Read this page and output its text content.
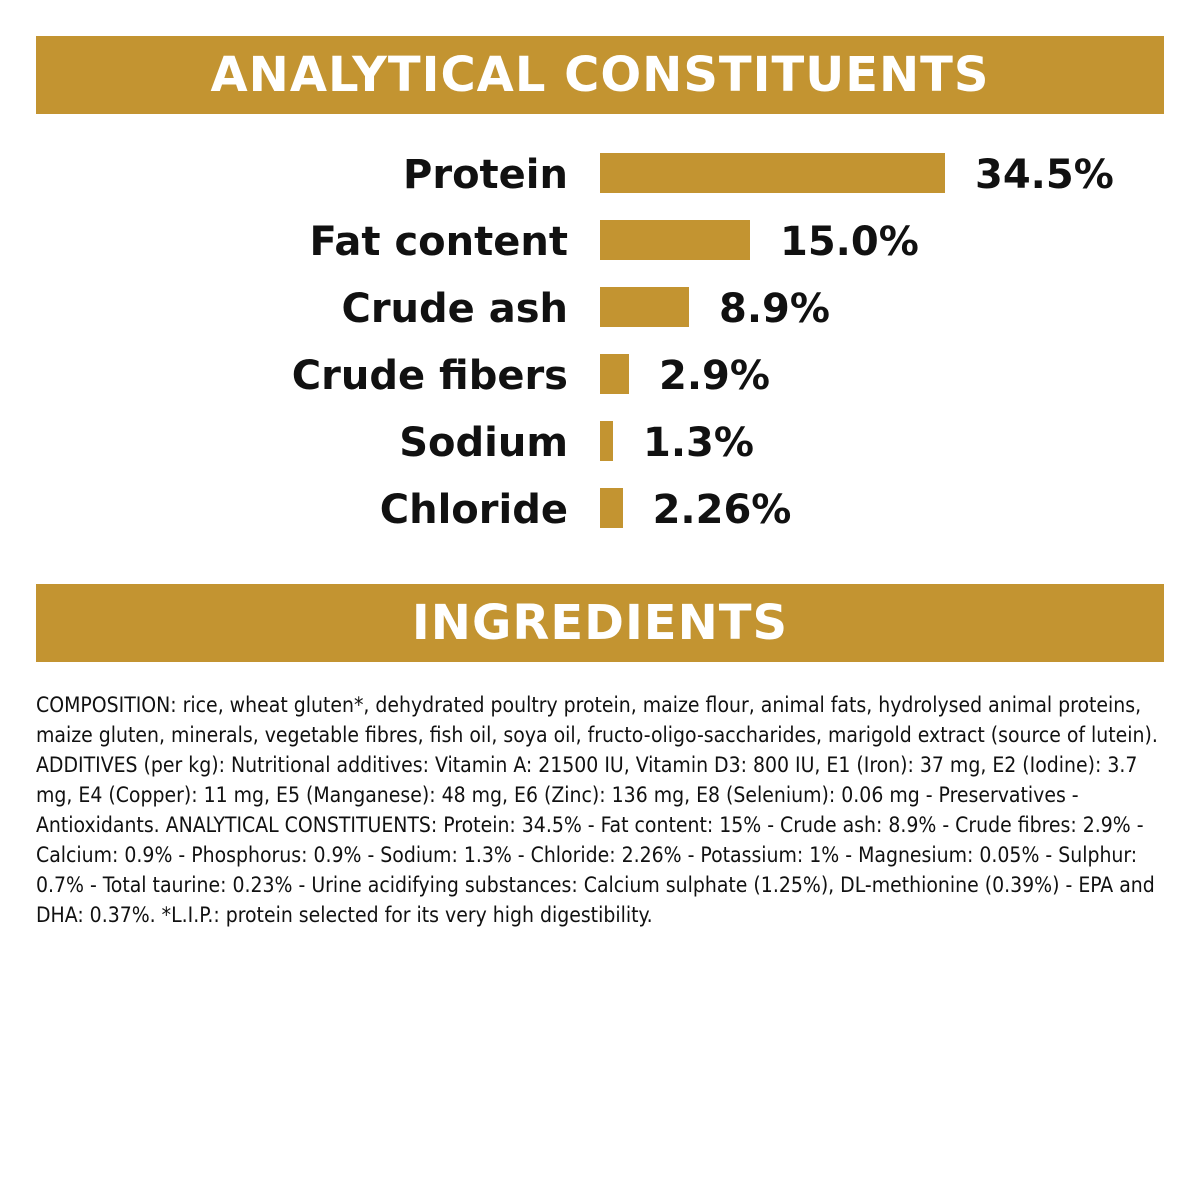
ANALYTICAL CONSTITUENTS
Protein	34.5%
Fat content	15.0%
Crude ash	8.9%
Crude fibers 2.9%
Sodium 1.3%
Chloride 2.26%
INGREDIENTS

COMPOSITION: rice, wheat gluten*, dehydrated poultry protein, maize flour, animal fats, hydrolysed animal proteins, maize gluten, minerals, vegetable fibres, fish oil, soya oil, fructo-oligo-saccharides, marigold extract (source of lutein). ADDITIVES (per kg): Nutritional additives: Vitamin A: 21500 IU, Vitamin D3: 800 IU, E1 (Iron): 37 mg, E2 (Iodine): 3.7 mg, E4 (Copper): 11 mg, E5 (Manganese): 48 mg, E6 (Zinc): 136 mg, E8 (Selenium): 0.06 mg - Preservatives - Antioxidants. ANALYTICAL CONSTITUENTS: Protein: 34.5% - Fat content: 15% - Crude ash: 8.9% - Crude fibres: 2.9% - Calcium: 0.9% - Phosphorus: 0.9% - Sodium: 1.3% - Chloride: 2.26% - Potassium: 1% - Magnesium: 0.05% - Sulphur: 0.7% - Total taurine: 0.23% - Urine acidifying substances: Calcium sulphate (1.25%), DL-methionine (0.39%) - EPA and DHA: 0.37%. *L.I.P.: protein selected for its very high digestibility.
